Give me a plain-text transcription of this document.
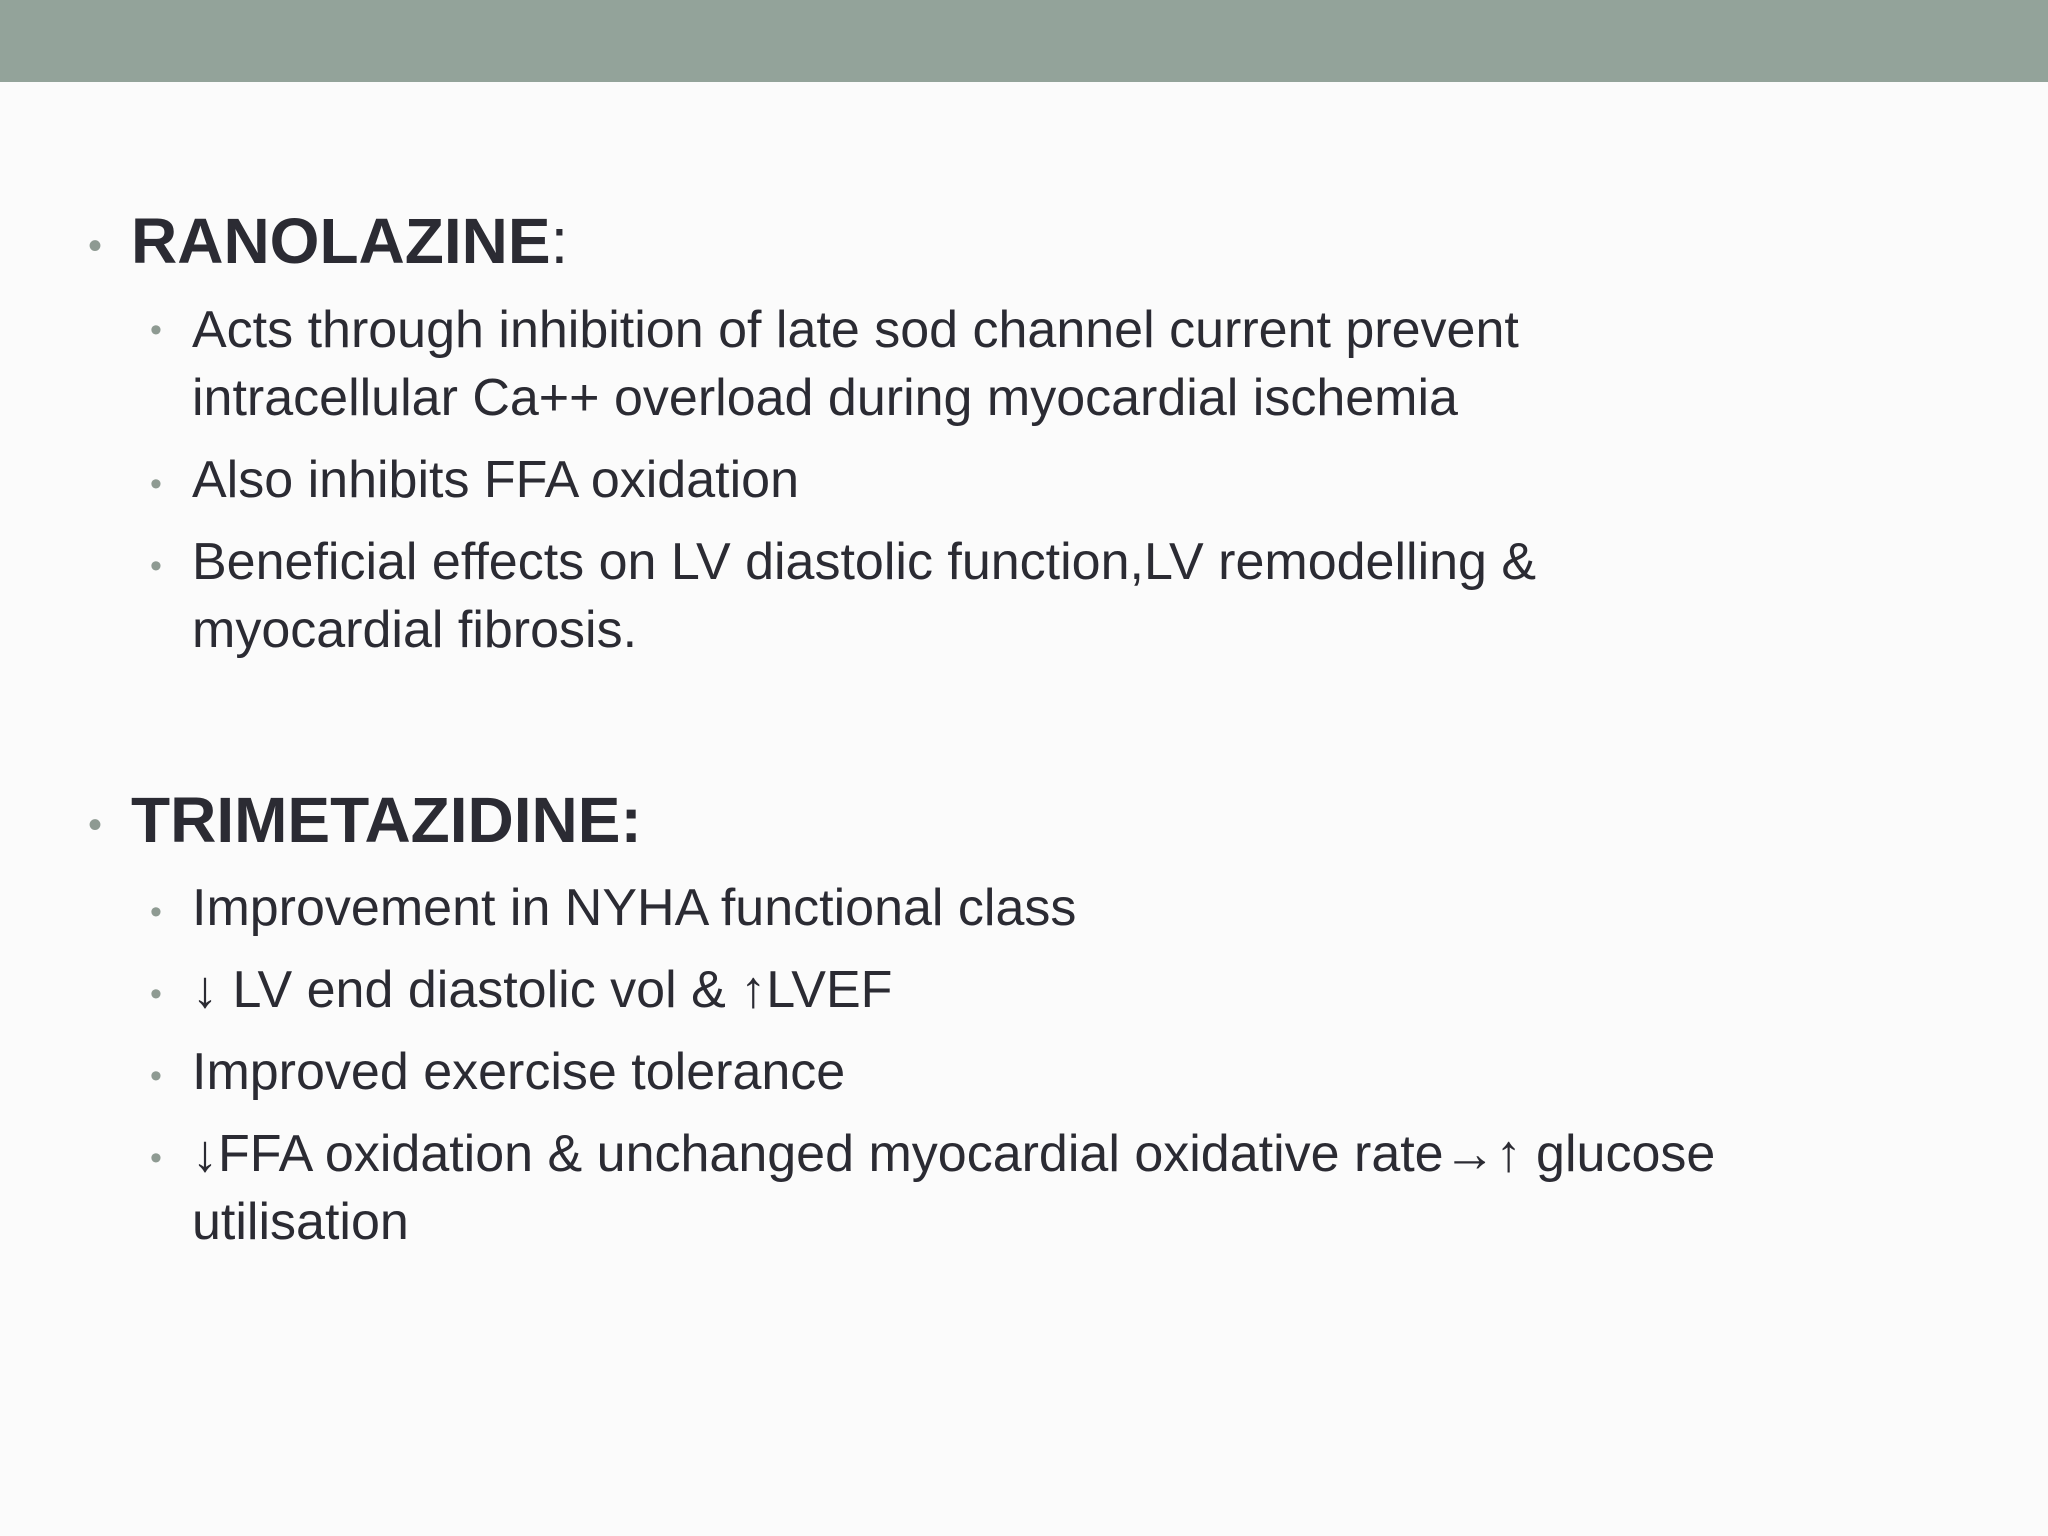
• RANOLAZINE:
• Acts through inhibition of late sod channel current prevent
intracellular Ca++ overload during myocardial ischemia
• Also inhibits FFA oxidation
• Beneficial effects on LV diastolic function,LV remodelling &
myocardial fibrosis.
• TRIMETAZIDINE:
• Improvement in NYHA functional class
• ↓ LV end diastolic vol & ↑LVEF
• Improved exercise tolerance
• ↓FFA oxidation & unchanged myocardial oxidative rate→↑ glucose
utilisation
